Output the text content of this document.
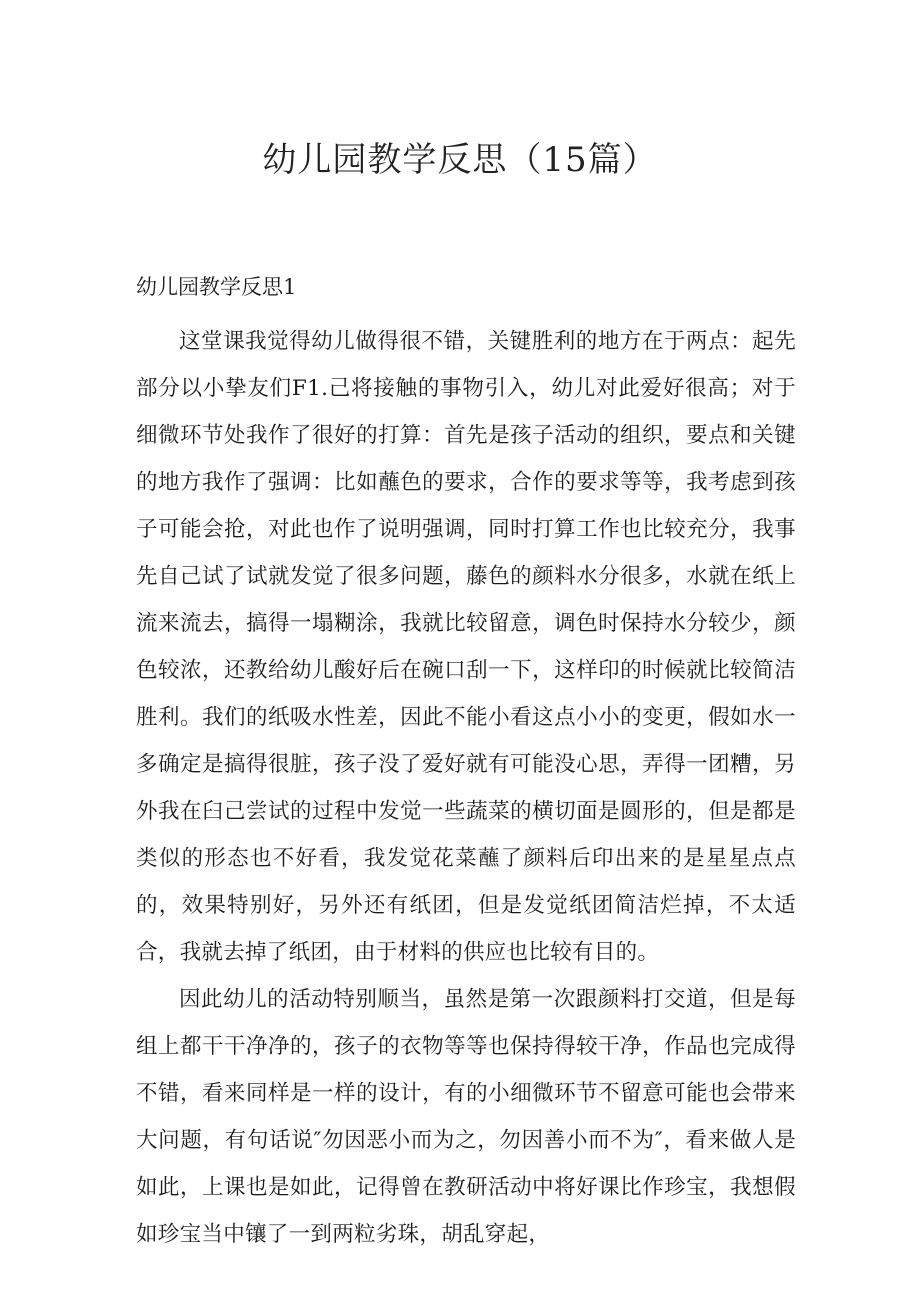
幼儿园教学反思（15篇）
幼儿园教学反思1

这堂课我觉得幼儿做得很不错，关键胜利的地方在于两点：起先部分以小挚友们F1.己将接触的事物引入，幼儿对此爱好很高；对于细微环节处我作了很好的打算：首先是孩子活动的组织，要点和关键的地方我作了强调：比如蘸色的要求，合作的要求等等，我考虑到孩子可能会抢，对此也作了说明强调，同时打算工作也比较充分，我事先自己试了试就发觉了很多问题，藤色的颜料水分很多，水就在纸上流来流去，搞得一塌糊涂，我就比较留意，调色时保持水分较少，颜色较浓，还教给幼儿酸好后在碗口刮一下，这样印的时候就比较简洁胜利。我们的纸吸水性差，因此不能小看这点小小的变更，假如水一多确定是搞得很脏，孩子没了爱好就有可能没心思，弄得一团糟，另外我在臼己尝试的过程中发觉一些蔬菜的横切面是圆形的，但是都是类似的形态也不好看，我发觉花菜蘸了颜料后印出来的是星星点点的，效果特别好，另外还有纸团，但是发觉纸团简洁烂掉，不太适合，我就去掉了纸团，由于材料的供应也比较有目的。

因此幼儿的活动特别顺当，虽然是第一次跟颜料打交道，但是每组上都干干净净的，孩子的衣物等等也保持得较干净，作品也完成得不错，看来同样是一样的设计，有的小细微环节不留意可能也会带来大问题，有句话说″勿因恶小而为之，勿因善小而不为″，看来做人是如此，上课也是如此，记得曾在教研活动中将好课比作珍宝，我想假如珍宝当中镶了一到两粒劣珠，胡乱穿起，
